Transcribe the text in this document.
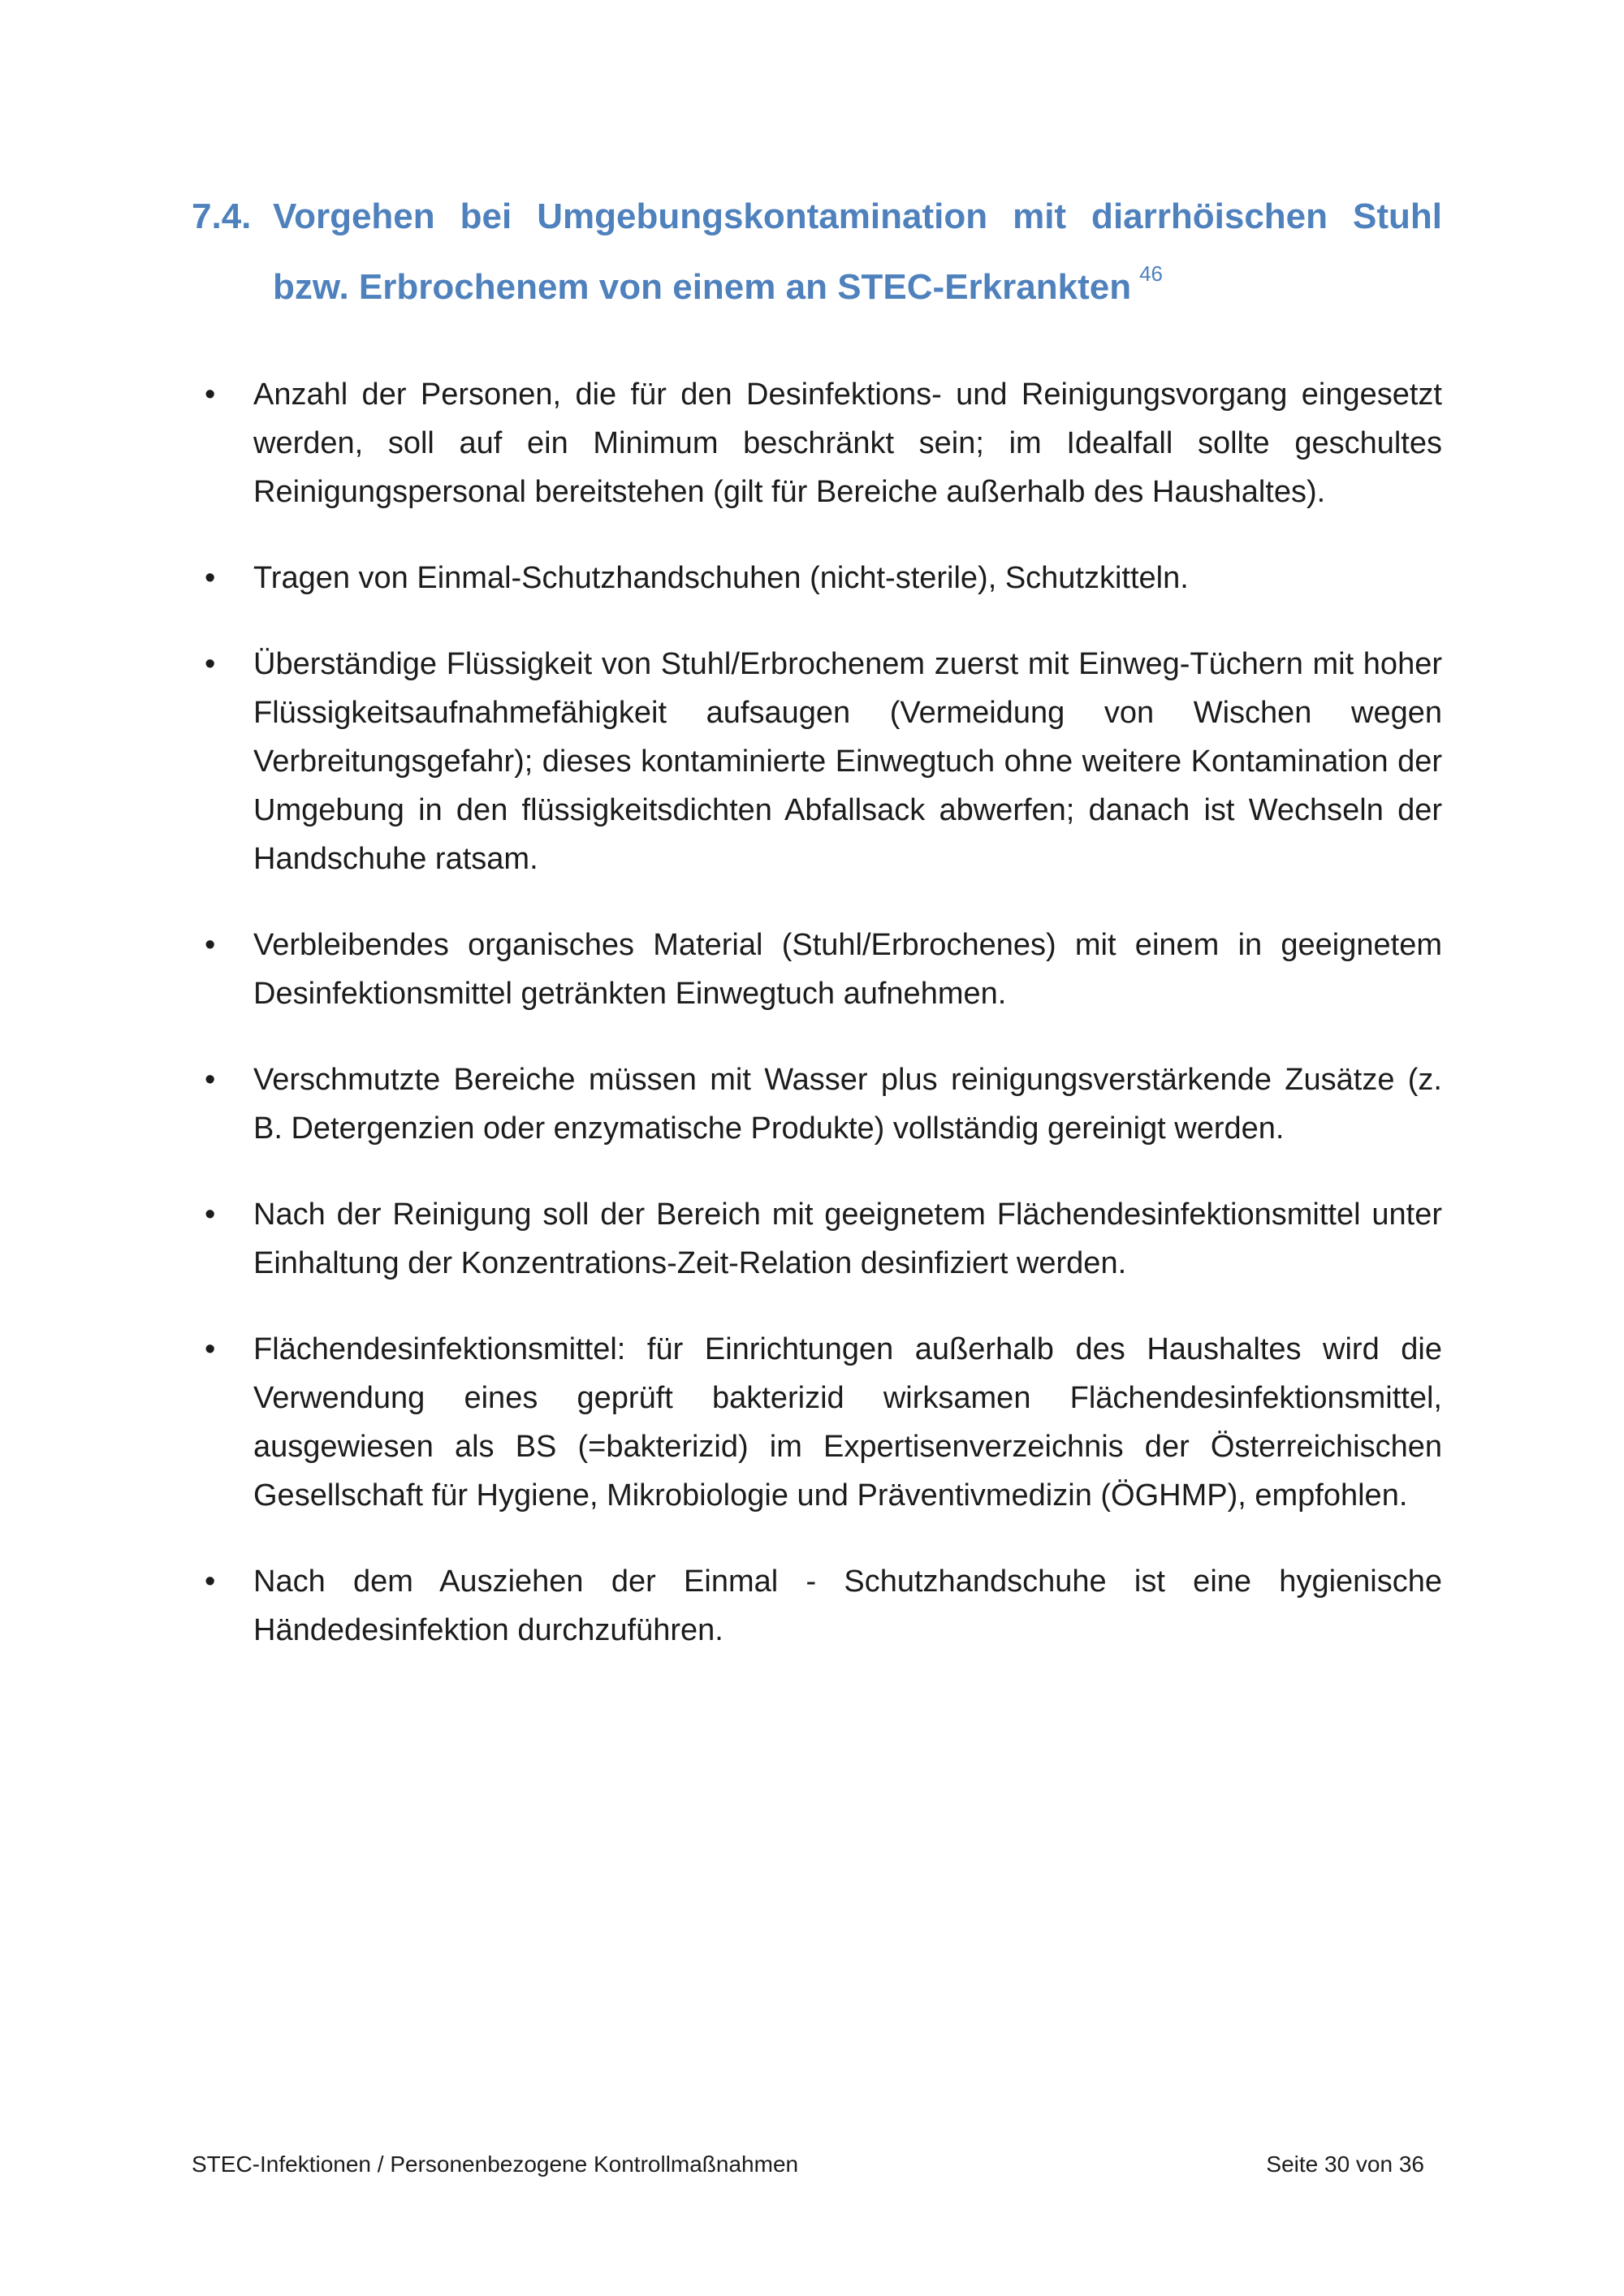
7.4. Vorgehen bei Umgebungskontamination mit diarrhöischen Stuhl bzw. Erbrochenem von einem an STEC-Erkrankten $^{46}$
• Anzahl der Personen, die für den Desinfektions- und Reinigungsvorgang eingesetzt werden, soll auf ein Minimum beschränkt sein; im Idealfall sollte geschultes Reinigungspersonal bereitstehen (gilt für Bereiche außerhalb des Haushaltes).
• Tragen von Einmal-Schutzhandschuhen (nicht-sterile), Schutzkitteln.
• Überständige Flüssigkeit von Stuhl/Erbrochenem zuerst mit Einweg-Tüchern mit hoher Flüssigkeitsaufnahmefähigkeit aufsaugen (Vermeidung von Wischen wegen Verbreitungsgefahr); dieses kontaminierte Einwegtuch ohne weitere Kontamination der Umgebung in den flüssigkeitsdichten Abfallsack abwerfen; danach ist Wechseln der Handschuhe ratsam.
• Verbleibendes organisches Material (Stuhl/Erbrochenes) mit einem in geeignetem Desinfektionsmittel getränkten Einwegtuch aufnehmen.
• Verschmutzte Bereiche müssen mit Wasser plus reinigungsverstärkende Zusätze (z. B. Detergenzien oder enzymatische Produkte) vollständig gereinigt werden.
• Nach der Reinigung soll der Bereich mit geeignetem Flächendesinfektionsmittel unter Einhaltung der Konzentrations-Zeit-Relation desinfiziert werden.
• Flächendesinfektionsmittel: für Einrichtungen außerhalb des Haushaltes wird die Verwendung eines geprüft bakterizid wirksamen Flächendesinfektionsmittel, ausgewiesen als BS (=bakterizid) im Expertisenverzeichnis der Österreichischen Gesellschaft für Hygiene, Mikrobiologie und Präventivmedizin (ÖGHMP), empfohlen.
• Nach dem Ausziehen der Einmal - Schutzhandschuhe ist eine hygienische Händedesinfektion durchzuführen.
STEC-Infektionen / Personenbezogene Kontrollmaßnahmen	Seite 30 von 36
